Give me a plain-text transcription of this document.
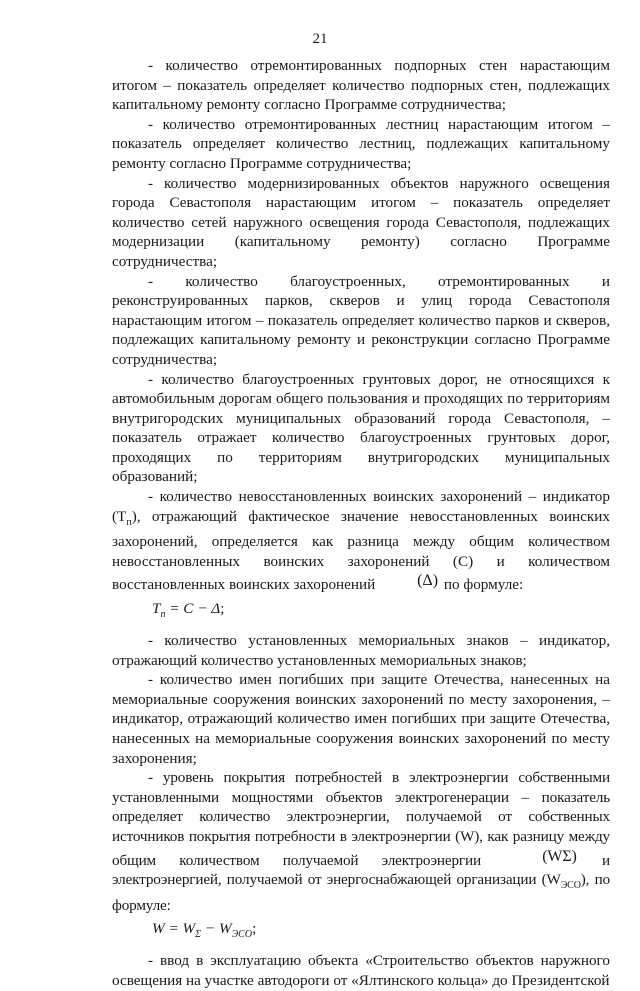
21

- количество отремонтированных подпорных стен нарастающим итогом – показатель определяет количество подпорных стен, подлежащих капитальному ремонту согласно Программе сотрудничества;

- количество отремонтированных лестниц нарастающим итогом – показатель определяет количество лестниц, подлежащих капитальному ремонту согласно Программе сотрудничества;

- количество модернизированных объектов наружного освещения города Севастополя нарастающим итогом – показатель определяет количество сетей наружного освещения города Севастополя, подлежащих модернизации (капитальному ремонту) согласно Программе сотрудничества;

- количество благоустроенных, отремонтированных и реконструированных парков, скверов и улиц города Севастополя нарастающим итогом – показатель определяет количество парков и скверов, подлежащих капитальному ремонту и реконструкции согласно Программе сотрудничества;

- количество благоустроенных грунтовых дорог, не относящихся к автомобильным дорогам общего пользования и проходящих по территориям внутригородских муниципальных образований города Севастополя, – показатель отражает количество благоустроенных грунтовых дорог, проходящих по территориям внутригородских муниципальных образований;

- количество невосстановленных воинских захоронений – индикатор $(Т_п)$, отражающий фактическое значение невосстановленных воинских захоронений, определяется как разница между общим количеством невосстановленных воинских захоронений (С) и количеством восстановленных воинских захоронений	(Δ) по формуле:

$T_п = C - \Delta$;

- количество установленных мемориальных знаков – индикатор, отражающий количество установленных мемориальных знаков;

- количество имен погибших при защите Отечества, нанесенных на мемориальные сооружения воинских захоронений по месту захоронения, – индикатор, отражающий количество имен погибших при защите Отечества, нанесенных на мемориальные сооружения воинских захоронений по месту захоронения;

- уровень покрытия потребностей в электроэнергии собственными установленными мощностями объектов электрогенерации – показатель определяет количество электроэнергии, получаемой от собственных источников покрытия потребности в электроэнергии (W), как разницу между общим количеством получаемой электроэнергии	(WΣ) и электроэнергией, получаемой от энергоснабжающей организации $(W_{ЭСО})$, по формуле:

$W = W_\Sigma - W_{ЭСО}$;

- ввод в эксплуатацию объекта «Строительство объектов наружного освещения на участке автодороги от «Ялтинского кольца» до Президентской
